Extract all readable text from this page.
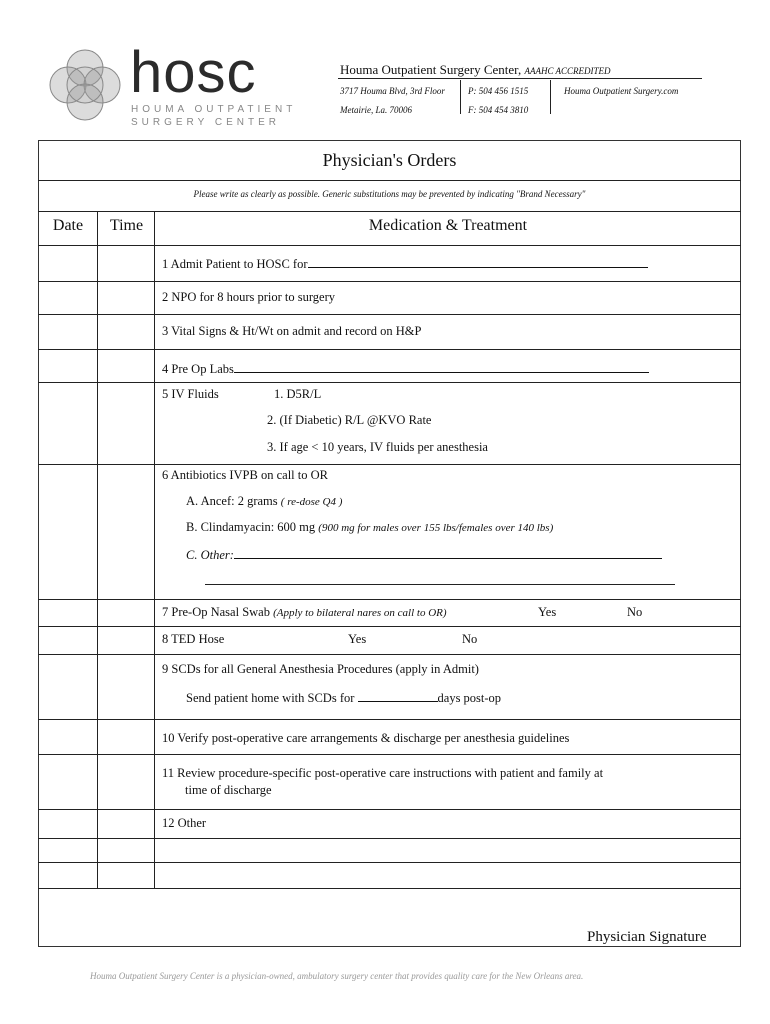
hosc
HOUMA OUTPATIENT
SURGERY CENTER
Houma Outpatient Surgery Center, AAAHC ACCREDITED
3717 Houma Blvd, 3rd Floor
Metairie, La. 70006
P: 504 456 1515
F: 504 454 3810
Houma Outpatient Surgery.com
Physician's Orders
Please write as clearly as possible. Generic substitutions may be prevented by indicating "Brand Necessary"
Date	Time	Medication & Treatment
1 Admit Patient to HOSC for
2 NPO for 8 hours prior to surgery
3 Vital Signs & Ht/Wt on admit and record on H&P
4 Pre Op Labs
5 IV Fluids	1. D5R/L
2. (If Diabetic) R/L @KVO Rate
3. If age < 10 years, IV fluids per anesthesia
6 Antibiotics IVPB on call to OR
A. Ancef: 2 grams ( re-dose Q4 )
B. Clindamyacin: 600 mg (900 mg for males over 155 lbs/females over 140 lbs)
C. Other:
7 Pre-Op Nasal Swab (Apply to bilateral nares on call to OR)	Yes	No
8 TED Hose	Yes	No
9 SCDs for all General Anesthesia Procedures (apply in Admit)
Send patient home with SCDs for	days post-op
10 Verify post-operative care arrangements & discharge per anesthesia guidelines
11 Review procedure-specific post-operative care instructions with patient and family at
time of discharge
12 Other
Physician Signature
Houma Outpatient Surgery Center is a physician-owned, ambulatory surgery center that provides quality care for the New Orleans area.
